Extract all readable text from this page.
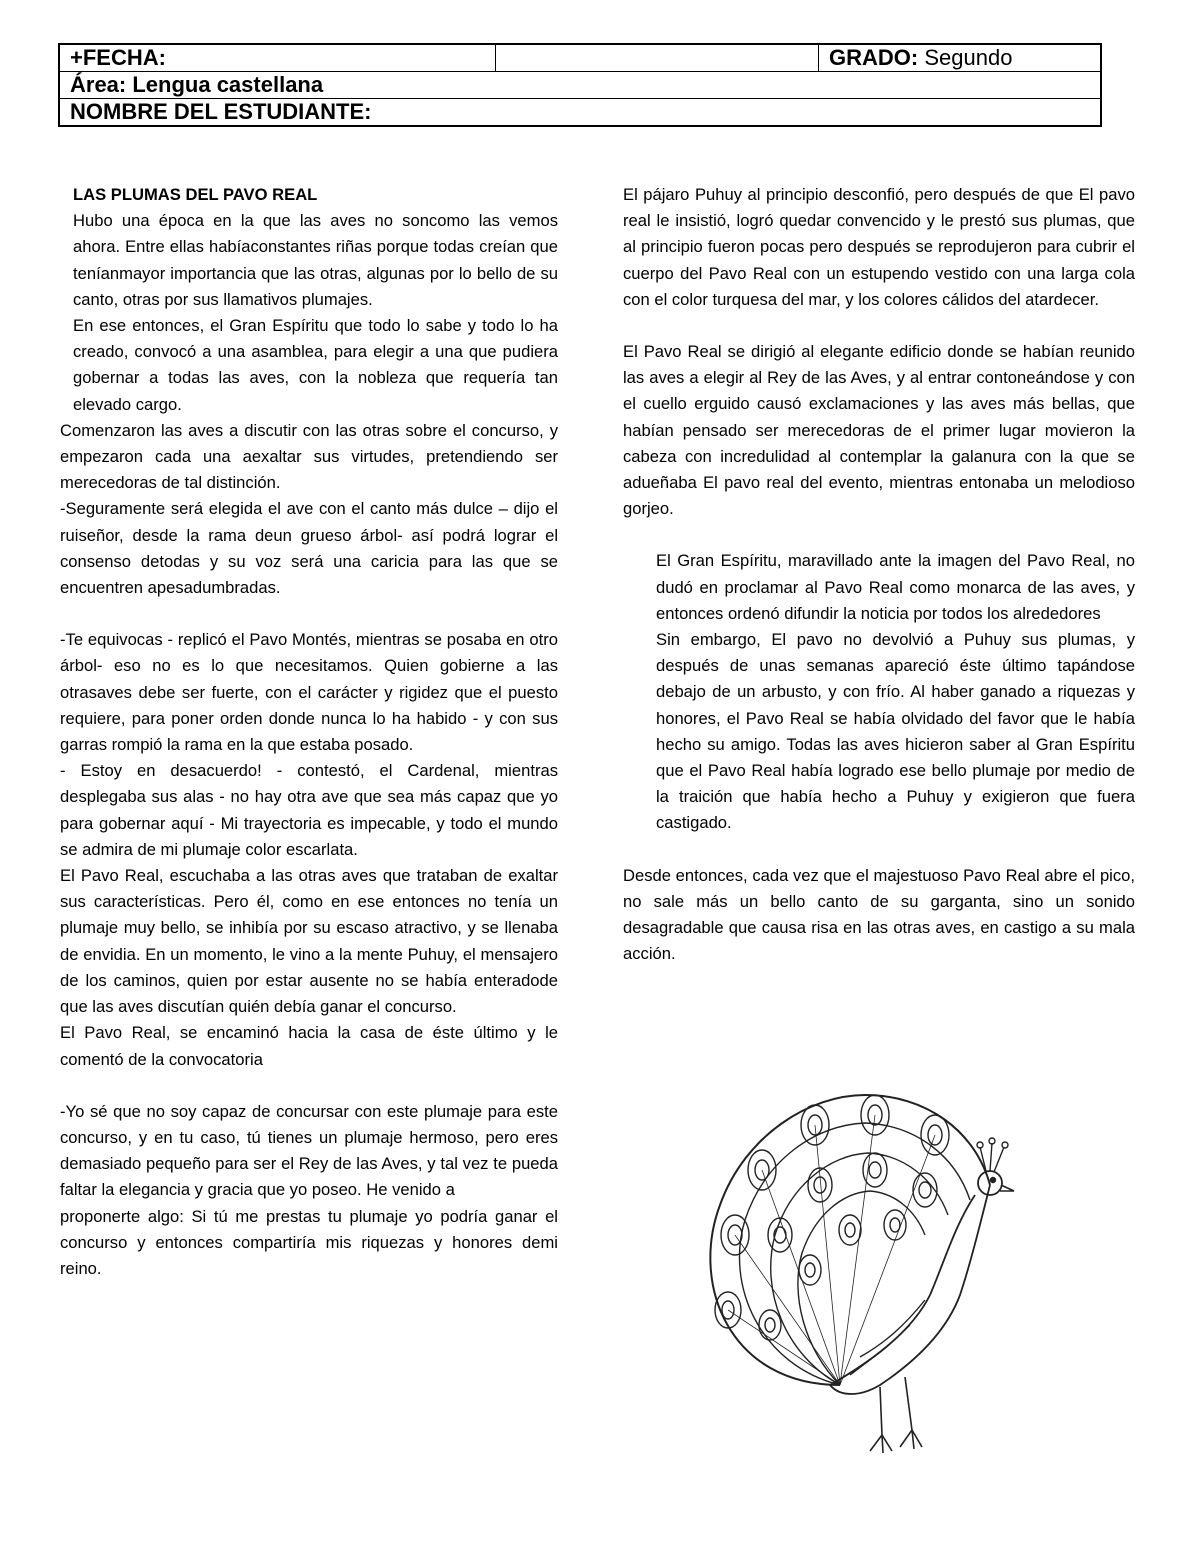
+FECHA:		GRADO: Segundo
Área: Lengua castellana
NOMBRE DEL ESTUDIANTE:

LAS PLUMAS DEL PAVO REAL

Hubo una época en la que las aves no soncomo las vemos ahora. Entre ellas habíaconstantes riñas porque todas creían que teníanmayor importancia que las otras, algunas por lo bello de su canto, otras por sus llamativos plumajes.

En ese entonces, el Gran Espíritu que todo lo sabe y todo lo ha creado, convocó a una asamblea, para elegir a una que pudiera gobernar a todas las aves, con la nobleza que requería tan elevado cargo.

Comenzaron las aves a discutir con las otras sobre el concurso, y empezaron cada una aexaltar sus virtudes, pretendiendo ser merecedoras de tal distinción.

-Seguramente será elegida el ave con el canto más dulce – dijo el ruiseñor, desde la rama deun grueso árbol- así podrá lograr el consenso detodas y su voz será una caricia para las que se encuentren apesadumbradas.

-Te equivocas - replicó el Pavo Montés, mientras se posaba en otro árbol- eso no es lo que necesitamos. Quien gobierne a las otrasaves debe ser fuerte, con el carácter y rigidez que el puesto requiere, para poner orden donde nunca lo ha habido - y con sus garras rompió la rama en la que estaba posado.

- Estoy en desacuerdo! - contestó, el Cardenal, mientras desplegaba sus alas - no hay otra ave que sea más capaz que yo para gobernar aquí - Mi trayectoria es impecable, y todo el mundo se admira de mi plumaje color escarlata.

El Pavo Real, escuchaba a las otras aves que trataban de exaltar sus características. Pero él, como en ese entonces no tenía un plumaje muy bello, se inhibía por su escaso atractivo, y se llenaba de envidia. En un momento, le vino a la mente Puhuy, el mensajero de los caminos, quien por estar ausente no se había enteradode que las aves discutían quién debía ganar el concurso.

El Pavo Real, se encaminó hacia la casa de éste último y le comentó de la convocatoria

-Yo sé que no soy capaz de concursar con este plumaje para este concurso, y en tu caso, tú tienes un plumaje hermoso, pero eres demasiado pequeño para ser el Rey de las Aves, y tal vez te pueda faltar la elegancia y gracia que yo poseo. He venido a

proponerte algo: Si tú me prestas tu plumaje yo podría ganar el concurso y entonces compartiría mis riquezas y honores demi reino.

El pájaro Puhuy al principio desconfió, pero después de que El pavo real le insistió, logró quedar convencido y le prestó sus plumas, que al principio fueron pocas pero después se reprodujeron para cubrir el cuerpo del Pavo Real con un estupendo vestido con una larga cola con el color turquesa del mar, y los colores cálidos del atardecer.

El Pavo Real se dirigió al elegante edificio donde se habían reunido las aves a elegir al Rey de las Aves, y al entrar contoneándose y con el cuello erguido causó exclamaciones y las aves más bellas, que habían pensado ser merecedoras de el primer lugar movieron la cabeza con incredulidad al contemplar la galanura con la que se adueñaba El pavo real del evento, mientras entonaba un melodioso gorjeo.

El Gran Espíritu, maravillado ante la imagen del Pavo Real, no dudó en proclamar al Pavo Real como monarca de las aves, y entonces ordenó difundir la noticia por todos los alrededores

Sin embargo, El pavo no devolvió a Puhuy sus plumas, y después de unas semanas apareció éste último tapándose debajo de un arbusto, y con frío. Al haber ganado a riquezas y honores, el Pavo Real se había olvidado del favor que le había hecho su amigo. Todas las aves hicieron saber al Gran Espíritu que el Pavo Real había logrado ese bello plumaje por medio de la traición que había hecho a Puhuy y exigieron que fuera castigado.

Desde entonces, cada vez que el majestuoso Pavo Real abre el pico, no sale más un bello canto de su garganta, sino un sonido desagradable que causa risa en las otras aves, en castigo a su mala acción.
